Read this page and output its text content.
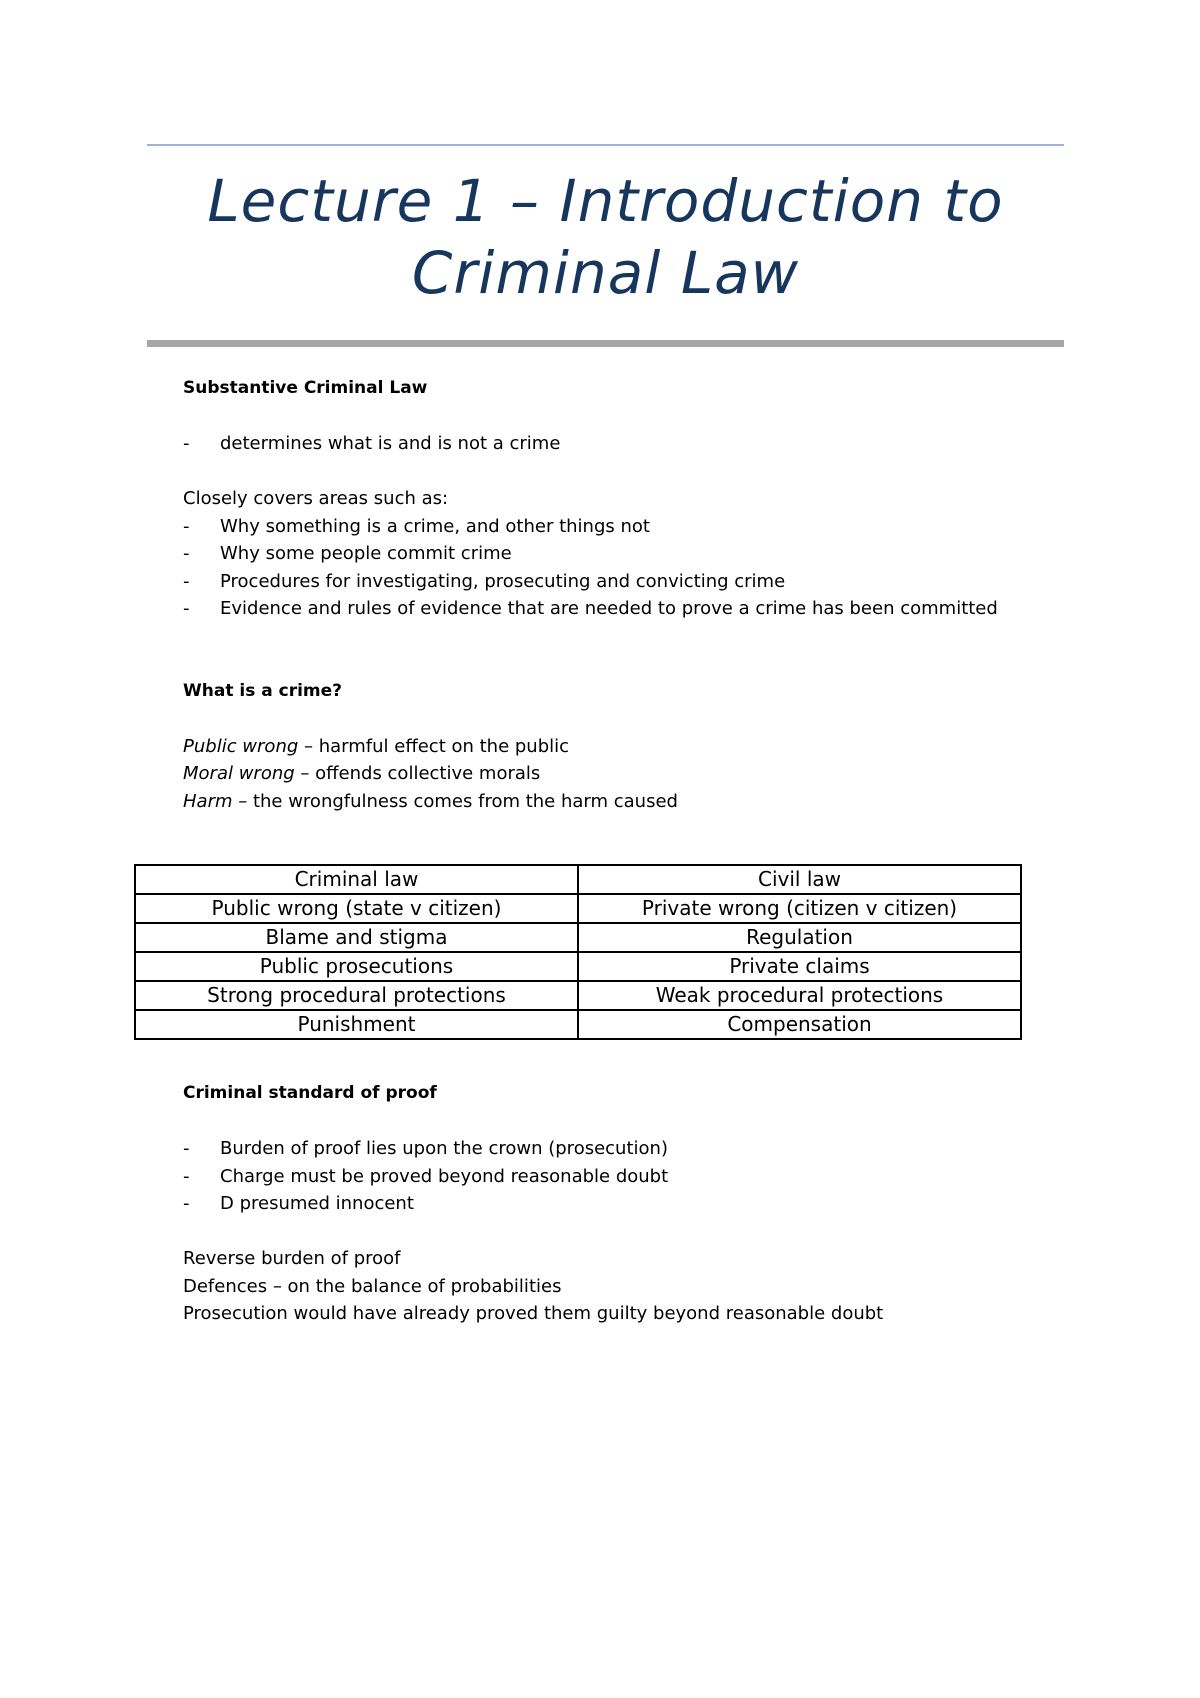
Lecture 1 – Introduction to
Criminal Law
Substantive Criminal Law
-	determines what is and is not a crime
Closely covers areas such as:
-	Why something is a crime, and other things not
-	Why some people commit crime
-	Procedures for investigating, prosecuting and convicting crime
-	Evidence and rules of evidence that are needed to prove a crime has been committed
What is a crime?
Public wrong – harmful effect on the public
Moral wrong – offends collective morals
Harm – the wrongfulness comes from the harm caused
Criminal law	Civil law
Public wrong (state v citizen)	Private wrong (citizen v citizen)
Blame and stigma	Regulation
Public prosecutions	Private claims
Strong procedural protections	Weak procedural protections
Punishment	Compensation
Criminal standard of proof
-	Burden of proof lies upon the crown (prosecution)
-	Charge must be proved beyond reasonable doubt
-	D presumed innocent
Reverse burden of proof
Defences – on the balance of probabilities
Prosecution would have already proved them guilty beyond reasonable doubt
